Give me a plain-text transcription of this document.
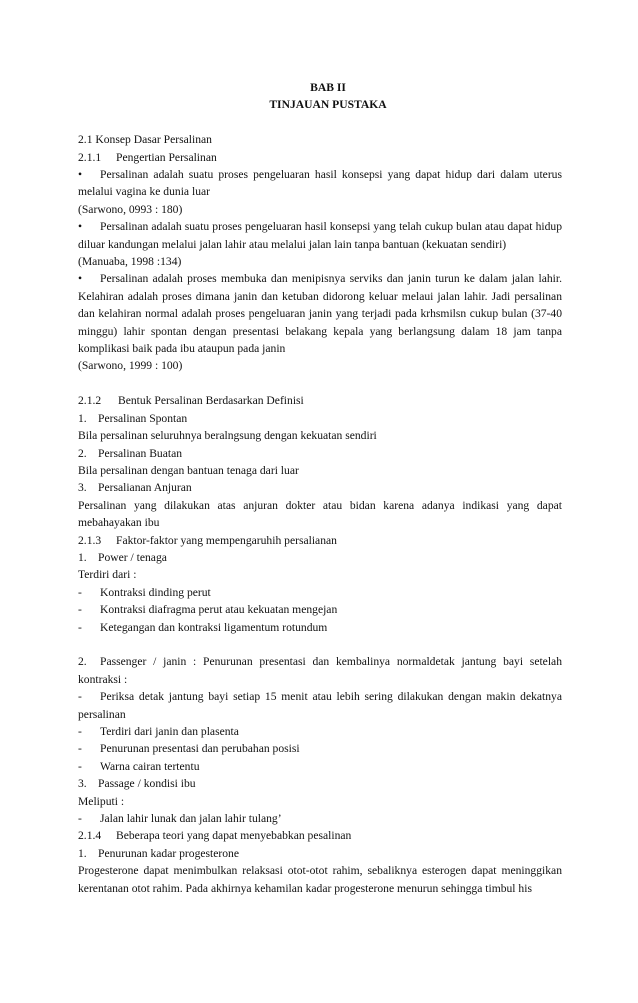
BAB II
TINJAUAN PUSTAKA

2.1 Konsep Dasar Persalinan

2.1.1	Pengertian Persalinan

• Persalinan adalah suatu proses pengeluaran hasil konsepsi yang dapat hidup dari dalam uterus melalui vagina ke dunia luar

(Sarwono, 0993 : 180)

• Persalinan adalah suatu proses pengeluaran hasil konsepsi yang telah cukup bulan atau dapat hidup diluar kandungan melalui jalan lahir atau melalui jalan lain tanpa bantuan (kekuatan sendiri)

(Manuaba, 1998 :134)

• Persalinan adalah proses membuka dan menipisnya serviks dan janin turun ke dalam jalan lahir. Kelahiran adalah proses dimana janin dan ketuban didorong keluar melaui jalan lahir. Jadi persalinan dan kelahiran normal adalah proses pengeluaran janin yang terjadi pada krhsmilsn cukup bulan (37-40 minggu) lahir spontan dengan presentasi belakang kepala yang berlangsung dalam 18 jam tanpa komplikasi baik pada ibu ataupun pada janin

(Sarwono, 1999 : 100)

2.1.2	Bentuk Persalinan Berdasarkan Definisi
1. Persalinan Spontan

Bila persalinan seluruhnya beralngsung dengan kekuatan sendiri

2. Persalinan Buatan

Bila persalinan dengan bantuan tenaga dari luar

3. Persalianan Anjuran

Persalinan yang dilakukan atas anjuran dokter atau bidan karena adanya indikasi yang dapat mebahayakan ibu

2.1.3	Faktor-faktor yang mempengaruhih persalianan
1. Power / tenaga

Terdiri dari :

-	Kontraksi dinding perut
-	Kontraksi diafragma perut atau kekuatan mengejan
-	Ketegangan dan kontraksi ligamentum rotundum

2. Passenger / janin : Penurunan presentasi dan kembalinya normaldetak jantung bayi setelah kontraksi :

- Periksa detak jantung bayi setiap 15 menit atau lebih sering dilakukan dengan makin dekatnya persalinan

-	Terdiri dari janin dan plasenta
-	Penurunan presentasi dan perubahan posisi
-	Warna cairan tertentu
3. Passage / kondisi ibu

Meliputi :

-	Jalan lahir lunak dan jalan lahir tulang’
2.1.4	Beberapa teori yang dapat menyebabkan pesalinan
1. Penurunan kadar progesterone

Progesterone dapat menimbulkan relaksasi otot-otot rahim, sebaliknya esterogen dapat meninggikan kerentanan otot rahim. Pada akhirnya kehamilan kadar progesterone menurun sehingga timbul his
